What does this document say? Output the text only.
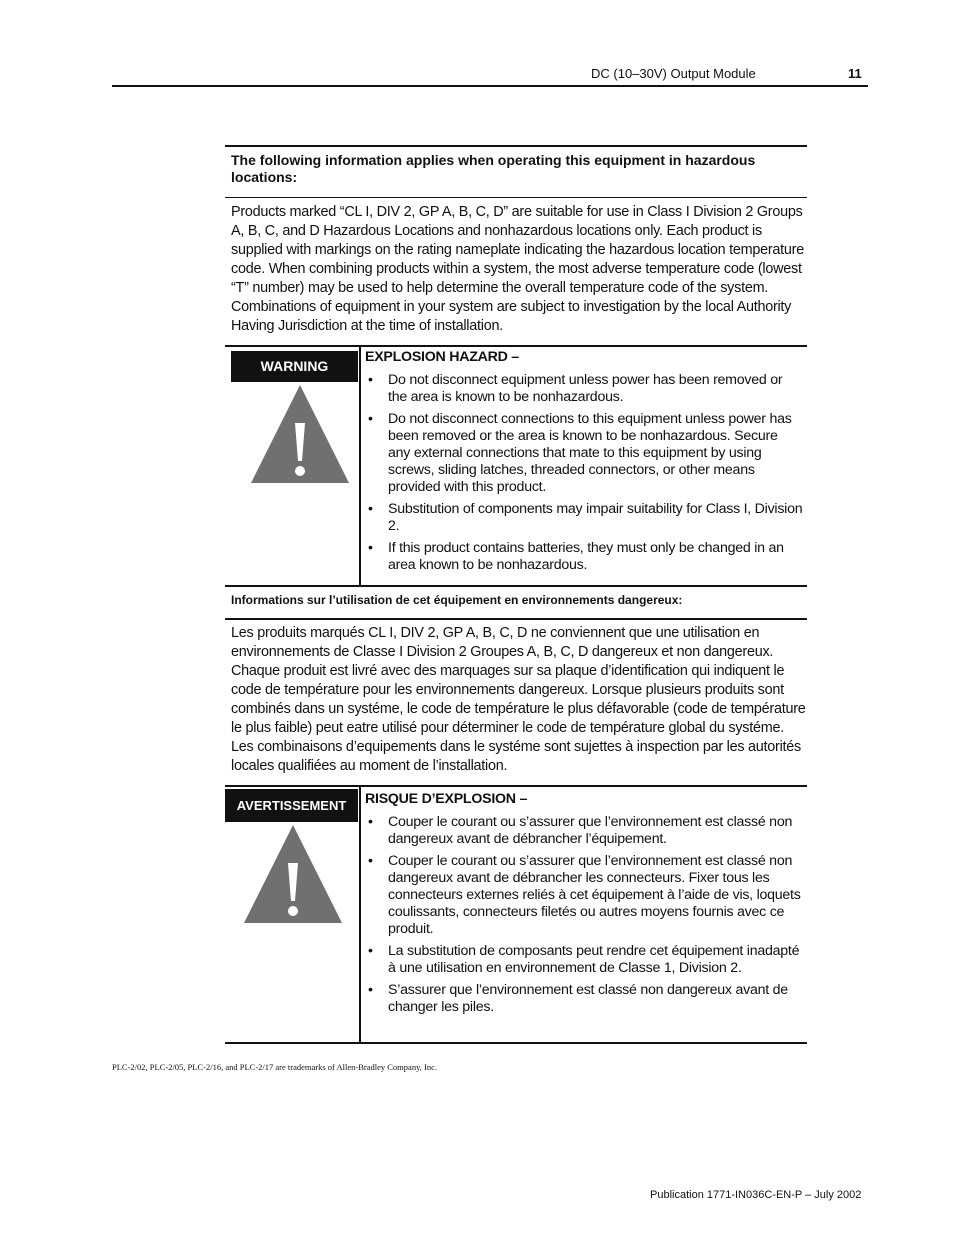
DC (10–30V) Output Module	11
The following information applies when operating this equipment in hazardous locations:
Products marked “CL I, DIV 2, GP A, B, C, D” are suitable for use in Class I Division 2 Groups A, B, C, and D Hazardous Locations and nonhazardous locations only. Each product is supplied with markings on the rating nameplate indicating the hazardous location temperature code. When combining products within a system, the most adverse temperature code (lowest “T” number) may be used to help determine the overall temperature code of the system. Combinations of equipment in your system are subject to investigation by the local Authority Having Jurisdiction at the time of installation.
WARNING
EXPLOSION HAZARD –
• Do not disconnect equipment unless power has been removed or the area is known to be nonhazardous.
• Do not disconnect connections to this equipment unless power has been removed or the area is known to be nonhazardous. Secure any external connections that mate to this equipment by using screws, sliding latches, threaded connectors, or other means provided with this product.
• Substitution of components may impair suitability for Class I, Division 2.
• If this product contains batteries, they must only be changed in an area known to be nonhazardous.
Informations sur l’utilisation de cet équipement en environnements dangereux:
Les produits marqués CL I, DIV 2, GP A, B, C, D ne conviennent que une utilisation en environnements de Classe I Division 2 Groupes A, B, C, D dangereux et non dangereux. Chaque produit est livré avec des marquages sur sa plaque d’identification qui indiquent le code de température pour les environnements dangereux. Lorsque plusieurs produits sont combinés dans un systéme, le code de température le plus défavorable (code de température le plus faible) peut eatre utilisé pour déterminer le code de température global du systéme. Les combinaisons d’equipements dans le systéme sont sujettes à inspection par les autorités locales qualifiées au moment de l’installation.
AVERTISSEMENT	RISQUE D’EXPLOSION –
• Couper le courant ou s’assurer que l’environnement est classé non dangereux avant de débrancher l’équipement.
• Couper le courant ou s’assurer que l’environnement est classé non dangereux avant de débrancher les connecteurs. Fixer tous les connecteurs externes reliés à cet équipement à l’aide de vis, loquets coulissants, connecteurs filetés ou autres moyens fournis avec ce produit.
• La substitution de composants peut rendre cet équipement inadapté à une utilisation en environnement de Classe 1, Division 2.
• S’assurer que l’environnement est classé non dangereux avant de changer les piles.
PLC-2/02, PLC-2/05, PLC-2/16, and PLC-2/17 are trademarks of Allen-Bradley Company, Inc.
Publication 1771-IN036C-EN-P – July 2002
